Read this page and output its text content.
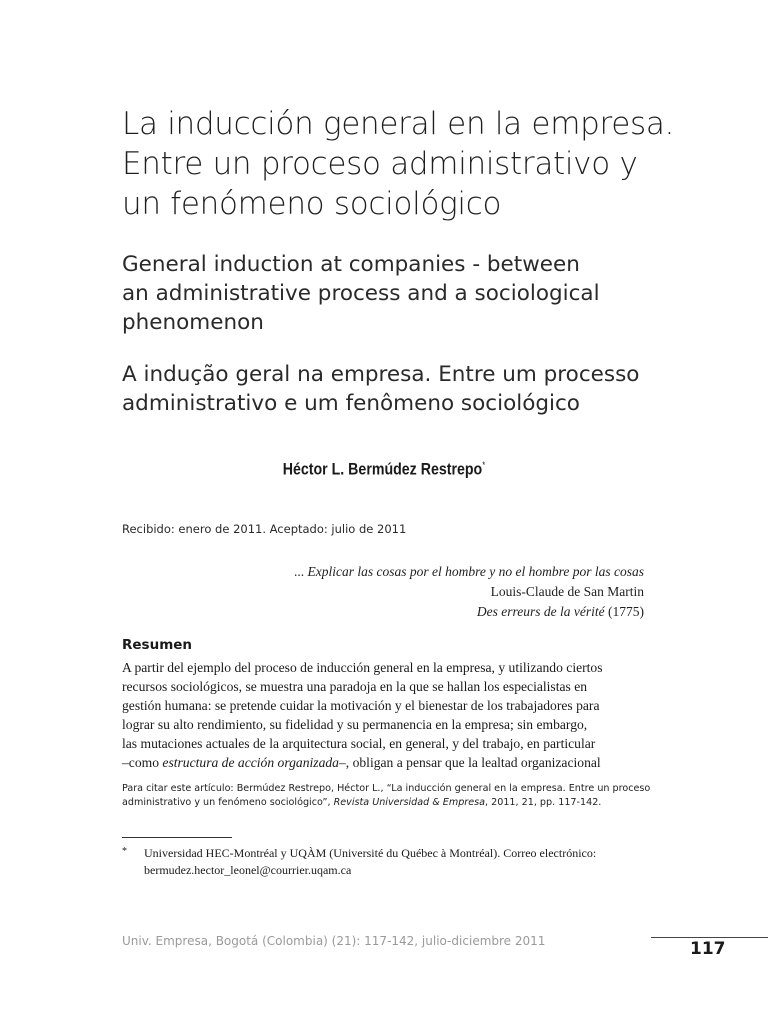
La inducción general en la empresa.
Entre un proceso administrativo y
un fenómeno sociológico
General induction at companies - between
an administrative process and a sociological
phenomenon
A indução geral na empresa. Entre um processo
administrativo e um fenômeno sociológico
Héctor L. Bermúdez Restrepo*
Recibido: enero de 2011. Aceptado: julio de 2011
... Explicar las cosas por el hombre y no el hombre por las cosas
Louis-Claude de San Martin
Des erreurs de la vérité (1775)
Resumen
A partir del ejemplo del proceso de inducción general en la empresa, y utilizando ciertos
recursos sociológicos, se muestra una paradoja en la que se hallan los especialistas en
gestión humana: se pretende cuidar la motivación y el bienestar de los trabajadores para
lograr su alto rendimiento, su fidelidad y su permanencia en la empresa; sin embargo,
las mutaciones actuales de la arquitectura social, en general, y del trabajo, en particular
–como estructura de acción organizada–, obligan a pensar que la lealtad organizacional
Para citar este artículo: Bermúdez Restrepo, Héctor L., “La inducción general en la empresa. Entre un proceso
administrativo y un fenómeno sociológico”, Revista Universidad & Empresa, 2011, 21, pp. 117-142.
* Universidad HEC-Montréal y UQÀM (Université du Québec à Montréal). Correo electrónico:
bermudez.hector_leonel@courrier.uqam.ca
Univ. Empresa, Bogotá (Colombia) (21): 117-142, julio-diciembre 2011	117
